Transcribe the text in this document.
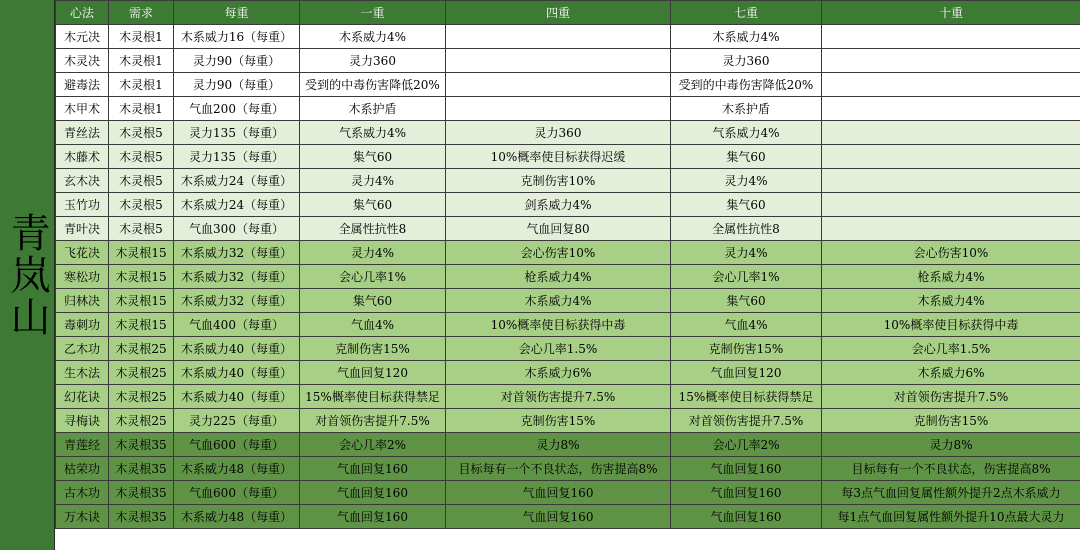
青岚山
心法	需求	每重	一重	四重	七重	十重
木元决	木灵根1	木系威力16（每重）	木系威力4%		木系威力4%	
木灵决	木灵根1	灵力90（每重）	灵力360		灵力360	
避毒法	木灵根1	灵力90（每重）	受到的中毒伤害降低20%		受到的中毒伤害降低20%	
木甲术	木灵根1	气血200（每重）	木系护盾		木系护盾	
青丝法	木灵根5	灵力135（每重）	气系威力4%	灵力360	气系威力4%	
木藤术	木灵根5	灵力135（每重）	集气60	10%概率使目标获得迟缓	集气60	
玄木决	木灵根5	木系威力24（每重）	灵力4%	克制伤害10%	灵力4%	
玉竹功	木灵根5	木系威力24（每重）	集气60	剑系威力4%	集气60	
青叶决	木灵根5	气血300（每重）	全属性抗性8	气血回复80	全属性抗性8	
飞花决	木灵根15	木系威力32（每重）	灵力4%	会心伤害10%	灵力4%	会心伤害10%
寒松功	木灵根15	木系威力32（每重）	会心几率1%	枪系威力4%	会心几率1%	枪系威力4%
归林决	木灵根15	木系威力32（每重）	集气60	木系威力4%	集气60	木系威力4%
毒刺功	木灵根15	气血400（每重）	气血4%	10%概率使目标获得中毒	气血4%	10%概率使目标获得中毒
乙木功	木灵根25	木系威力40（每重）	克制伤害15%	会心几率1.5%	克制伤害15%	会心几率1.5%
生木法	木灵根25	木系威力40（每重）	气血回复120	木系威力6%	气血回复120	木系威力6%
幻花诀	木灵根25	木系威力40（每重）	15%概率使目标获得禁足	对首领伤害提升7.5%	15%概率使目标获得禁足	对首领伤害提升7.5%
寻梅诀	木灵根25	灵力225（每重）	对首领伤害提升7.5%	克制伤害15%	对首领伤害提升7.5%	克制伤害15%
青莲经	木灵根35	气血600（每重）	会心几率2%	灵力8%	会心几率2%	灵力8%
枯荣功	木灵根35	木系威力48（每重）	气血回复160	目标每有一个不良状态，伤害提高8%	气血回复160	目标每有一个不良状态，伤害提高8%
古木功	木灵根35	气血600（每重）	气血回复160	气血回复160	气血回复160	每3点气血回复属性额外提升2点木系威力
万木诀	木灵根35	木系威力48（每重）	气血回复160	气血回复160	气血回复160	每1点气血回复属性额外提升10点最大灵力
